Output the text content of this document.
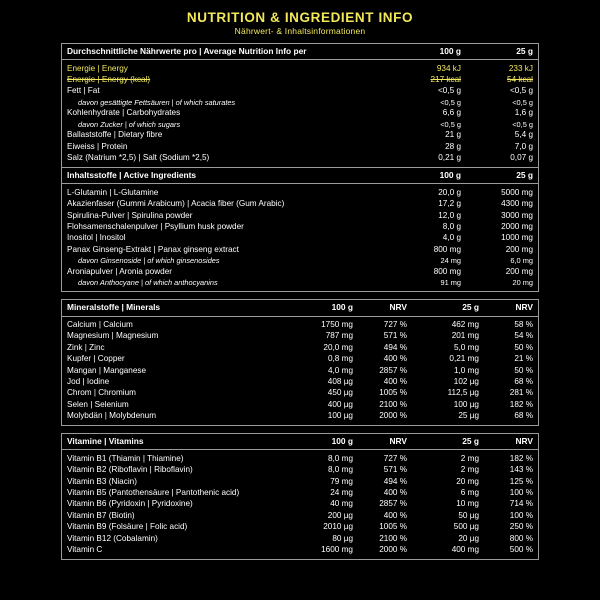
NUTRITION & INGREDIENT INFO
Nährwert- & Inhaltsinformationen
Durchschnittliche Nährwerte pro | Average Nutrition Info per	100 g	25 g

Energie | Energy	934 kJ	233 kJ
Energie | Energy (kcal)	217 kcal	54 kcal
Fett | Fat	<0,5 g	<0,5 g
davon gesättigte Fettsäuren | of which saturates	<0,5 g	<0,5 g
Kohlenhydrate | Carbohydrates	6,6 g	1,6 g
davon Zucker | of which sugars	<0,5 g	<0,5 g
Ballaststoffe | Dietary fibre	21 g	5,4 g
Eiweiss | Protein	28 g	7,0 g
Salz (Natrium *2,5) | Salt (Sodium *2,5)	0,21 g	0,07 g

Inhaltsstoffe | Active Ingredients	100 g	25 g

L-Glutamin | L-Glutamine	20,0 g	5000 mg
Akazienfaser (Gummi Arabicum) | Acacia fiber (Gum Arabic)	17,2 g	4300 mg
Spirulina-Pulver | Spirulina powder	12,0 g	3000 mg
Flohsamenschalenpulver | Psyllium husk powder	8,0 g	2000 mg
Inositol | Inositol	4,0 g	1000 mg
Panax Ginseng-Extrakt | Panax ginseng extract	800 mg	200 mg
davon Ginsenoside | of which ginsenosides	24 mg	6,0 mg
Aroniapulver | Aronia powder	800 mg	200 mg
davon Anthocyane | of which anthocyanins	91 mg	20 mg

Mineralstoffe | Minerals	100 g	NRV	25 g	NRV

Calcium | Calcium	1750 mg	727 %	462 mg	58 %
Magnesium | Magnesium	787 mg	571 %	201 mg	54 %
Zink | Zinc	20,0 mg	494 %	5,0 mg	50 %
Kupfer | Copper	0,8 mg	400 %	0,21 mg	21 %
Mangan | Manganese	4,0 mg	2857 %	1,0 mg	50 %
Jod | Iodine	408 µg	400 %	102 µg	68 %
Chrom | Chromium	450 µg	1005 %	112,5 µg	281 %
Selen | Selenium	400 µg	2100 %	100 µg	182 %
Molybdän | Molybdenum	100 µg	2000 %	25 µg	68 %

Vitamine | Vitamins	100 g	NRV	25 g	NRV

Vitamin B1 (Thiamin | Thiamine)	8,0 mg	727 %	2 mg	182 %
Vitamin B2 (Riboflavin | Riboflavin)	8,0 mg	571 %	2 mg	143 %
Vitamin B3 (Niacin)	79 mg	494 %	20 mg	125 %
Vitamin B5 (Pantothensäure | Pantothenic acid)	24 mg	400 %	6 mg	100 %
Vitamin B6 (Pyridoxin | Pyridoxine)	40 mg	2857 %	10 mg	714 %
Vitamin B7 (Biotin)	200 µg	400 %	50 µg	100 %
Vitamin B9 (Folsäure | Folic acid)	2010 µg	1005 %	500 µg	250 %
Vitamin B12 (Cobalamin)	80 µg	2100 %	20 µg	800 %
Vitamin C	1600 mg	2000 %	400 mg	500 %
